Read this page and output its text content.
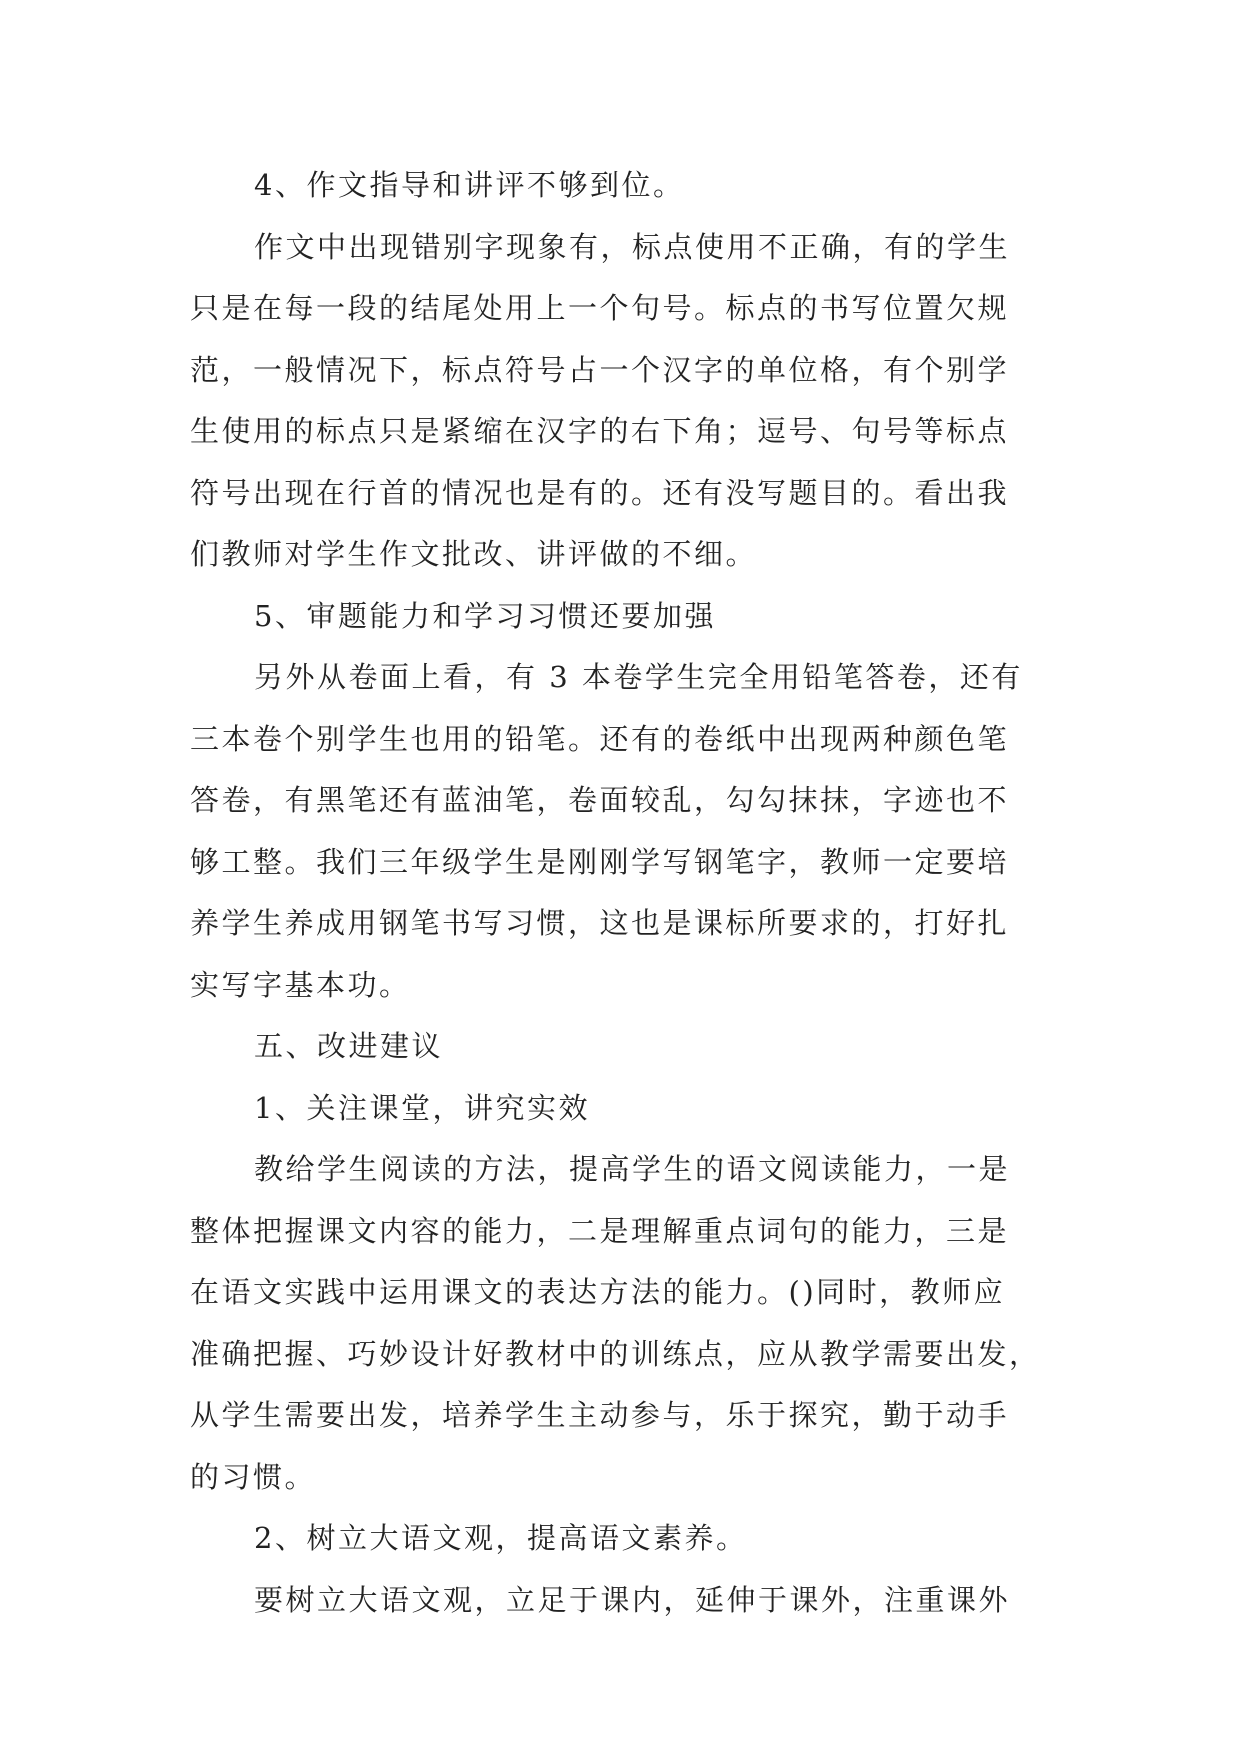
4、作文指导和讲评不够到位。
作文中出现错别字现象有，标点使用不正确，有的学生
只是在每一段的结尾处用上一个句号。标点的书写位置欠规
范，一般情况下，标点符号占一个汉字的单位格，有个别学
生使用的标点只是紧缩在汉字的右下角；逗号、句号等标点
符号出现在行首的情况也是有的。还有没写题目的。看出我
们教师对学生作文批改、讲评做的不细。
5、审题能力和学习习惯还要加强
另外从卷面上看，有 3 本卷学生完全用铅笔答卷，还有
三本卷个别学生也用的铅笔。还有的卷纸中出现两种颜色笔
答卷，有黑笔还有蓝油笔，卷面较乱，勾勾抹抹，字迹也不
够工整。我们三年级学生是刚刚学写钢笔字，教师一定要培
养学生养成用钢笔书写习惯，这也是课标所要求的，打好扎
实写字基本功。
五、改进建议
1、关注课堂，讲究实效
教给学生阅读的方法，提高学生的语文阅读能力，一是
整体把握课文内容的能力，二是理解重点词句的能力，三是
在语文实践中运用课文的表达方法的能力。()同时，教师应
准确把握、巧妙设计好教材中的训练点，应从教学需要出发，
从学生需要出发，培养学生主动参与，乐于探究，勤于动手
的习惯。
2、树立大语文观，提高语文素养。
要树立大语文观，立足于课内，延伸于课外，注重课外
